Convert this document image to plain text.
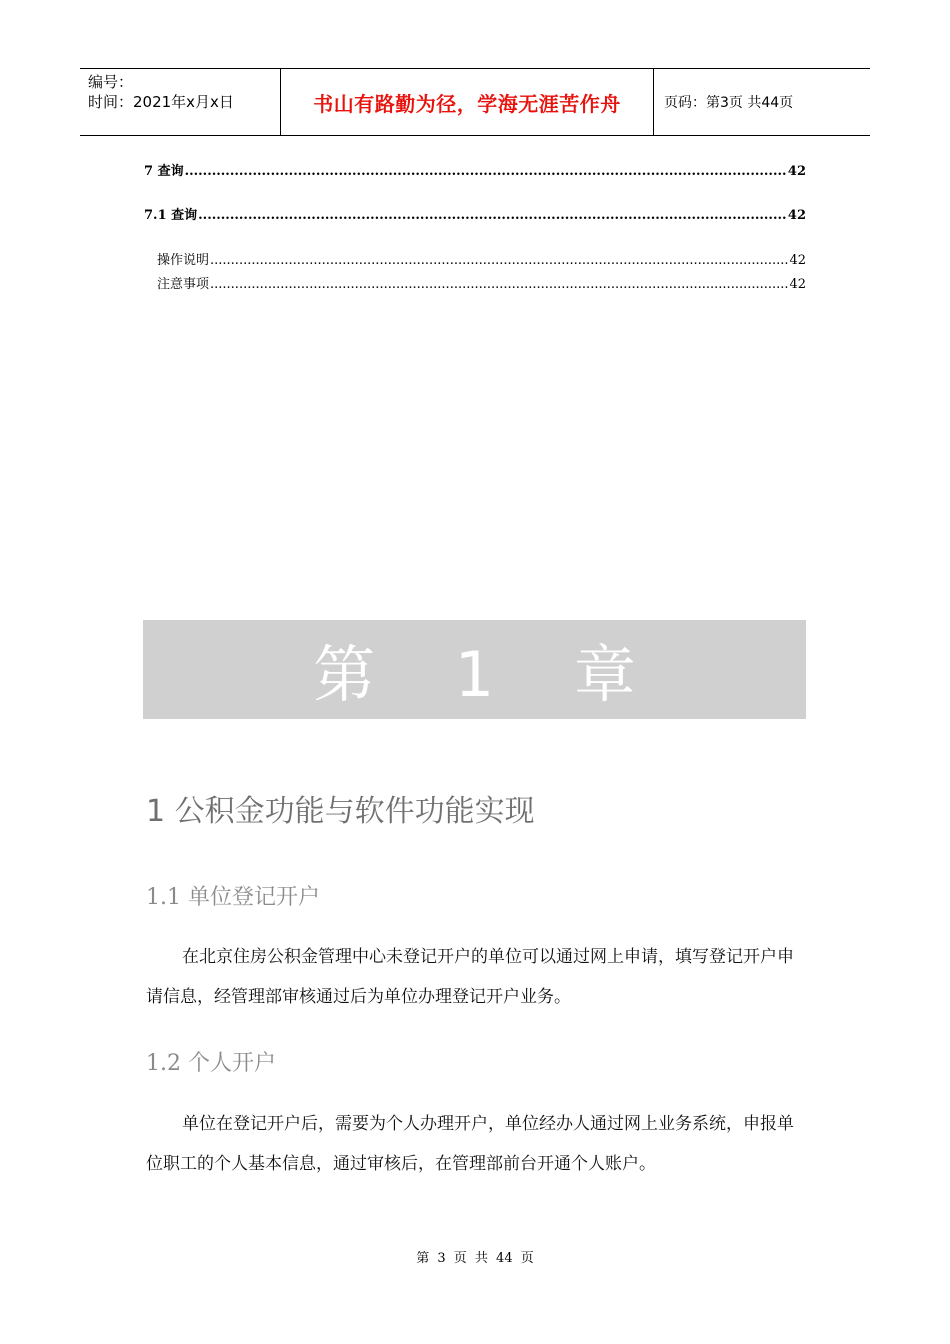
编号：
时间：2021年x月x日	书山有路勤为径，学海无涯苦作舟	页码：第3页 共44页
7 查询 .....	42
7.1 查询 .....	42
操作说明 .....	42
注意事项 .....	42
第 1 章
1 公积金功能与软件功能实现
1.1 单位登记开户
在北京住房公积金管理中心未登记开户的单位可以通过网上申请，填写登记开户申请信息，经管理部审核通过后为单位办理登记开户业务。
1.2 个人开户
单位在登记开户后，需要为个人办理开户，单位经办人通过网上业务系统，申报单位职工的个人基本信息，通过审核后，在管理部前台开通个人账户。
第 3 页 共 44 页
